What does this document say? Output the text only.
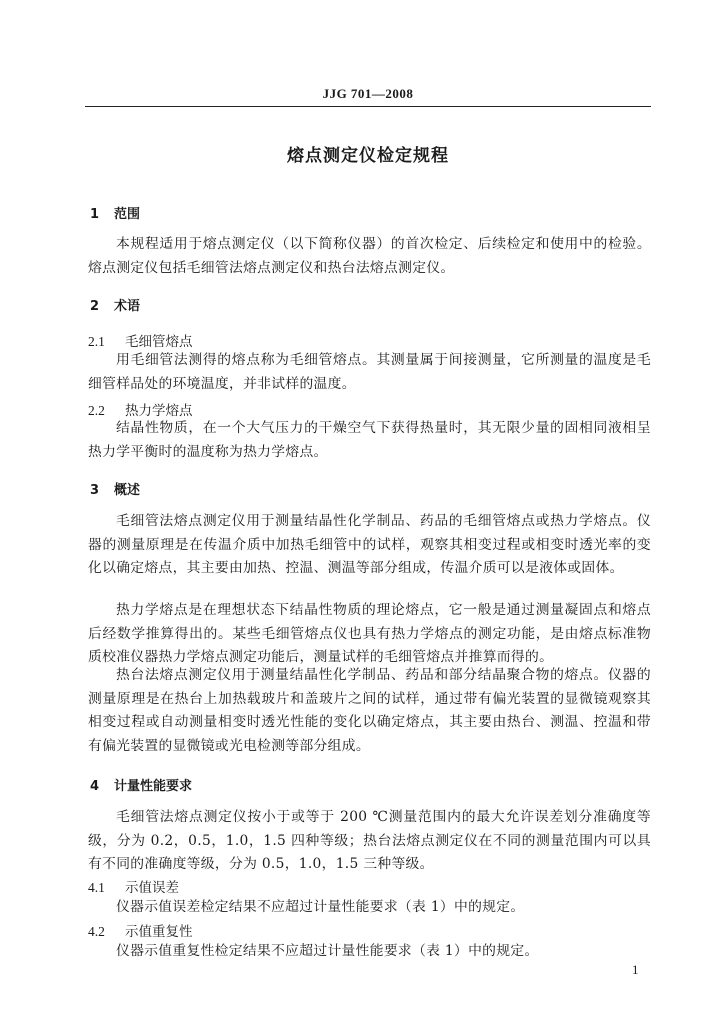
JJG 701—2008
熔点测定仪检定规程
1 范围
本规程适用于熔点测定仪（以下简称仪器）的首次检定、后续检定和使用中的检验。熔点测定仪包括毛细管法熔点测定仪和热台法熔点测定仪。
2 术语
2.1 毛细管熔点
用毛细管法测得的熔点称为毛细管熔点。其测量属于间接测量，它所测量的温度是毛细管样品处的环境温度，并非试样的温度。
2.2 热力学熔点
结晶性物质，在一个大气压力的干燥空气下获得热量时，其无限少量的固相同液相呈热力学平衡时的温度称为热力学熔点。
3 概述
毛细管法熔点测定仪用于测量结晶性化学制品、药品的毛细管熔点或热力学熔点。仪器的测量原理是在传温介质中加热毛细管中的试样，观察其相变过程或相变时透光率的变化以确定熔点，其主要由加热、控温、测温等部分组成，传温介质可以是液体或固体。
热力学熔点是在理想状态下结晶性物质的理论熔点，它一般是通过测量凝固点和熔点后经数学推算得出的。某些毛细管熔点仪也具有热力学熔点的测定功能，是由熔点标准物质校准仪器热力学熔点测定功能后，测量试样的毛细管熔点并推算而得的。
热台法熔点测定仪用于测量结晶性化学制品、药品和部分结晶聚合物的熔点。仪器的测量原理是在热台上加热载玻片和盖玻片之间的试样，通过带有偏光装置的显微镜观察其相变过程或自动测量相变时透光性能的变化以确定熔点，其主要由热台、测温、控温和带有偏光装置的显微镜或光电检测等部分组成。
4 计量性能要求
毛细管法熔点测定仪按小于或等于 200 ℃测量范围内的最大允许误差划分准确度等级，分为 0.2，0.5，1.0，1.5 四种等级；热台法熔点测定仪在不同的测量范围内可以具有不同的准确度等级，分为 0.5，1.0，1.5 三种等级。
4.1 示值误差
仪器示值误差检定结果不应超过计量性能要求（表 1）中的规定。
4.2 示值重复性
仪器示值重复性检定结果不应超过计量性能要求（表 1）中的规定。
1
